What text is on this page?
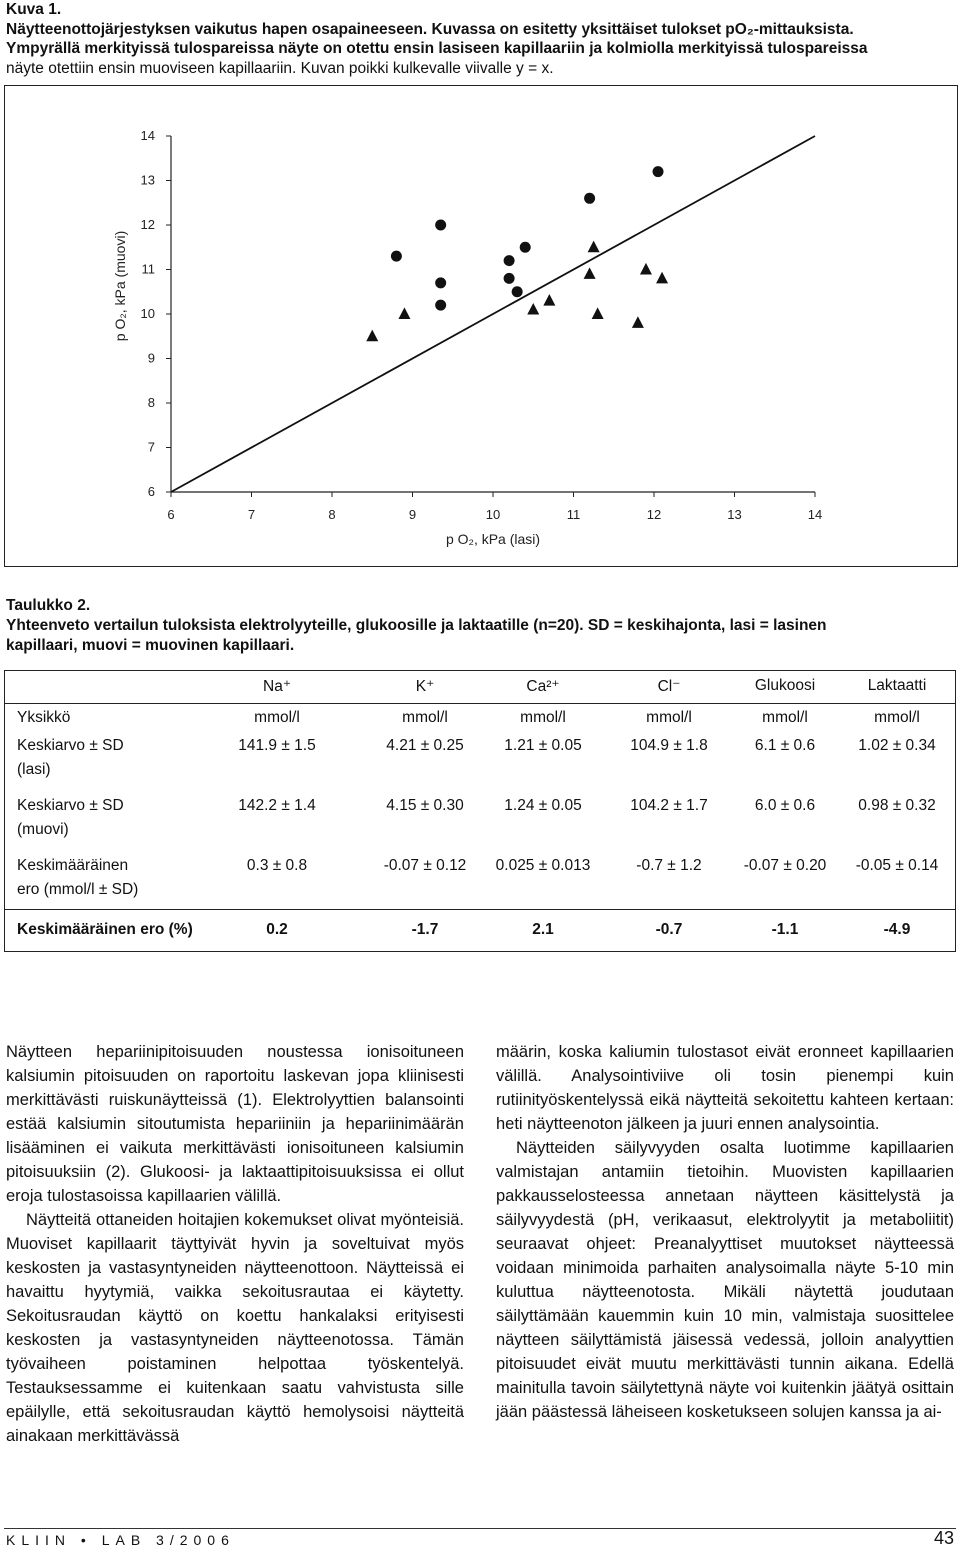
Kuva 1.
Näytteenottojärjestyksen vaikutus hapen osapaineeseen. Kuvassa on esitetty yksittäiset tulokset pO₂-mittauksista.
Ympyrällä merkityissä tulospareissa näyte on otettu ensin lasiseen kapillaariin ja kolmiolla merkityissä tulospareissa
näyte otettiin ensin muoviseen kapillaariin. Kuvan poikki kulkevalle viivalle y = x.
6
7
8
9
10
11
12
13
14
6	7	8	9	10	11	12	13	14
p O₂, kPa (lasi)
p O₂, kPa (muovi)
Taulukko 2.
Yhteenveto vertailun tuloksista elektrolyyteille, glukoosille ja laktaatille (n=20). SD = keskihajonta, lasi = lasinen
kapillaari, muovi = muovinen kapillaari.
Na⁺	K⁺	Ca²⁺	Cl⁻	Glukoosi	Laktaatti
Yksikkö	mmol/l	mmol/l	mmol/l	mmol/l	mmol/l	mmol/l
Keskiarvo ± SD
(lasi)
141.9 ± 1.5	4.21 ± 0.25	1.21 ± 0.05	104.9 ± 1.8	6.1 ± 0.6	1.02 ± 0.34
Keskiarvo ± SD
(muovi)
142.2 ± 1.4	4.15 ± 0.30	1.24 ± 0.05	104.2 ± 1.7	6.0 ± 0.6	0.98 ± 0.32
Keskimääräinen
ero (mmol/l ± SD)
0.3 ± 0.8	-0.07 ± 0.12	0.025 ± 0.013	-0.7 ± 1.2	-0.07 ± 0.20	-0.05 ± 0.14
Keskimääräinen ero (%)	0.2	-1.7	2.1	-0.7	-1.1	-4.9

Näytteen hepariinipitoisuuden noustessa ionisoituneen kalsiumin pitoisuuden on raportoitu laskevan jopa kliinisesti merkittävästi ruiskunäytteissä (1). Elektrolyyttien balansointi estää kalsiumin sitoutumista hepariiniin ja hepariinimäärän lisääminen ei vaikuta merkittävästi ionisoituneen kalsiumin pitoisuuksiin (2). Glukoosi- ja laktaattipitoisuuksissa ei ollut eroja tulostasoissa kapillaarien välillä.

Näytteitä ottaneiden hoitajien kokemukset olivat myönteisiä. Muoviset kapillaarit täyttyivät hyvin ja soveltuivat myös keskosten ja vastasyntyneiden näytteenottoon. Näytteissä ei havaittu hyytymiä, vaikka sekoitusrautaa ei käytetty. Sekoitusraudan käyttö on koettu hankalaksi erityisesti keskosten ja vastasyntyneiden näytteenotossa. Tämän työvaiheen poistaminen helpottaa työskentelyä. Testauksessamme ei kuitenkaan saatu vahvistusta sille epäilylle, että sekoitusraudan käyttö hemolysoisi näytteitä ainakaan merkittävässä

määrin, koska kaliumin tulostasot eivät eronneet kapillaarien välillä. Analysointiviive oli tosin pienempi kuin rutiinityöskentelyssä eikä näytteitä sekoitettu kahteen kertaan: heti näytteenoton jälkeen ja juuri ennen analysointia.

Näytteiden säilyvyyden osalta luotimme kapillaarien valmistajan antamiin tietoihin. Muovisten kapillaarien pakkausselosteessa annetaan näytteen käsittelystä ja säilyvyydestä (pH, verikaasut, elektrolyytit ja metaboliitit) seuraavat ohjeet: Preanalyyttiset muutokset näytteessä voidaan minimoida parhaiten analysoimalla näyte 5-10 min kuluttua näytteenotosta. Mikäli näytettä joudutaan säilyttämään kauemmin kuin 10 min, valmistaja suosittelee näytteen säilyttämistä jäisessä vedessä, jolloin analyyttien pitoisuudet eivät muutu merkittävästi tunnin aikana. Edellä mainitulla tavoin säilytettynä näyte voi kuitenkin jäätyä osittain jään päästessä läheiseen kosketukseen solujen kanssa ja ai-

KLIIN • LAB 3/2006	43
